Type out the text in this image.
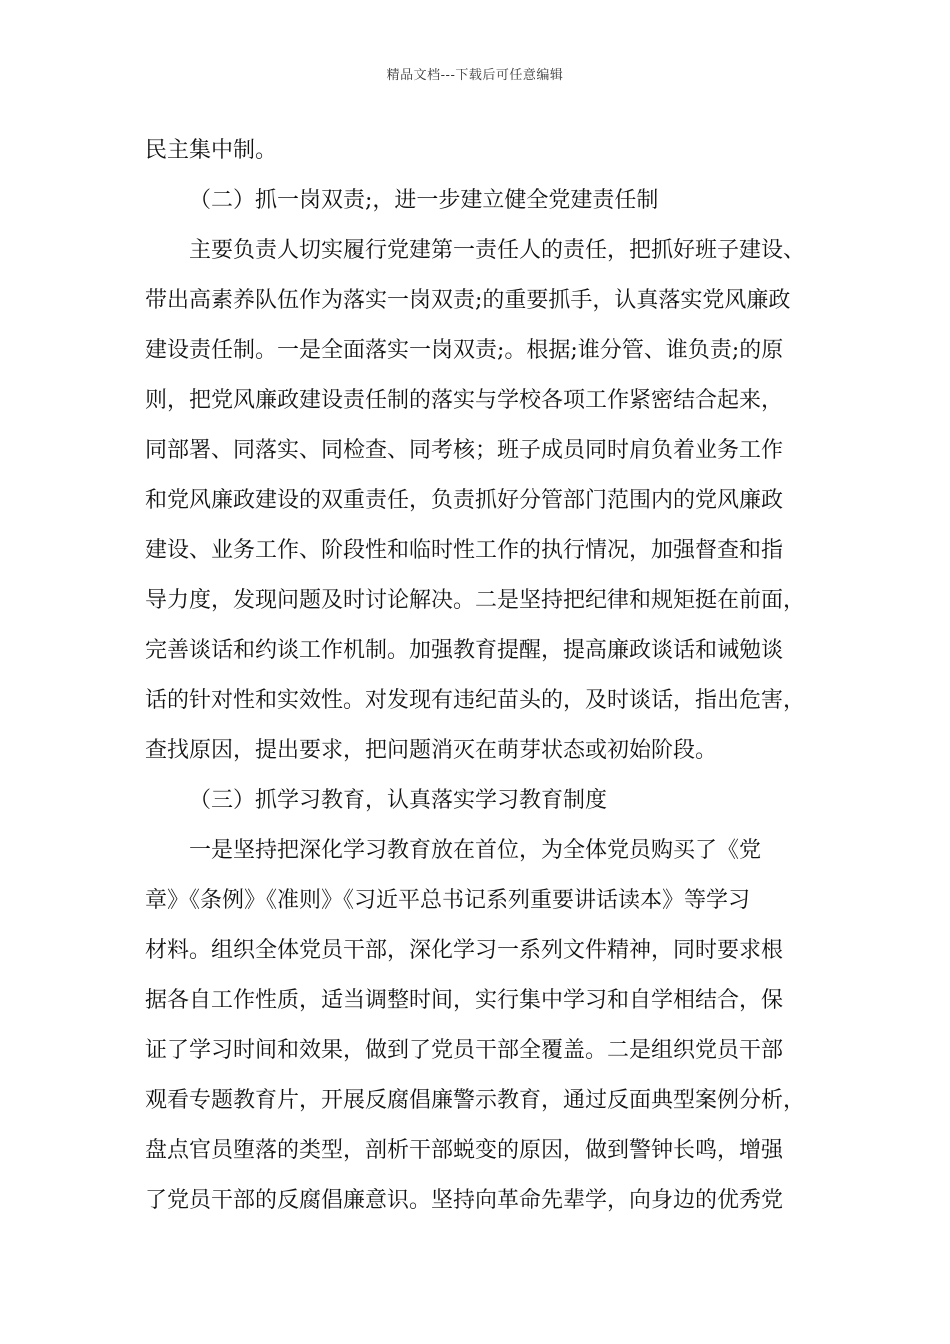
精品文档---下载后可任意编辑
民主集中制。
（二）抓一岗双责;，进一步建立健全党建责任制
主要负责人切实履行党建第一责任人的责任，把抓好班子建设、
带出高素养队伍作为落实一岗双责;的重要抓手，认真落实党风廉政
建设责任制。一是全面落实一岗双责;。根据;谁分管、谁负责;的原
则，把党风廉政建设责任制的落实与学校各项工作紧密结合起来，
同部署、同落实、同检查、同考核；班子成员同时肩负着业务工作
和党风廉政建设的双重责任，负责抓好分管部门范围内的党风廉政
建设、业务工作、阶段性和临时性工作的执行情况，加强督查和指
导力度，发现问题及时讨论解决。二是坚持把纪律和规矩挺在前面，
完善谈话和约谈工作机制。加强教育提醒，提高廉政谈话和诫勉谈
话的针对性和实效性。对发现有违纪苗头的，及时谈话，指出危害，
查找原因，提出要求，把问题消灭在萌芽状态或初始阶段。
（三）抓学习教育，认真落实学习教育制度
一是坚持把深化学习教育放在首位，为全体党员购买了《党
章》《条例》《准则》《习近平总书记系列重要讲话读本》等学习
材料。组织全体党员干部，深化学习一系列文件精神，同时要求根
据各自工作性质，适当调整时间，实行集中学习和自学相结合，保
证了学习时间和效果，做到了党员干部全覆盖。二是组织党员干部
观看专题教育片，开展反腐倡廉警示教育，通过反面典型案例分析，
盘点官员堕落的类型，剖析干部蜕变的原因，做到警钟长鸣，增强
了党员干部的反腐倡廉意识。坚持向革命先辈学，向身边的优秀党
